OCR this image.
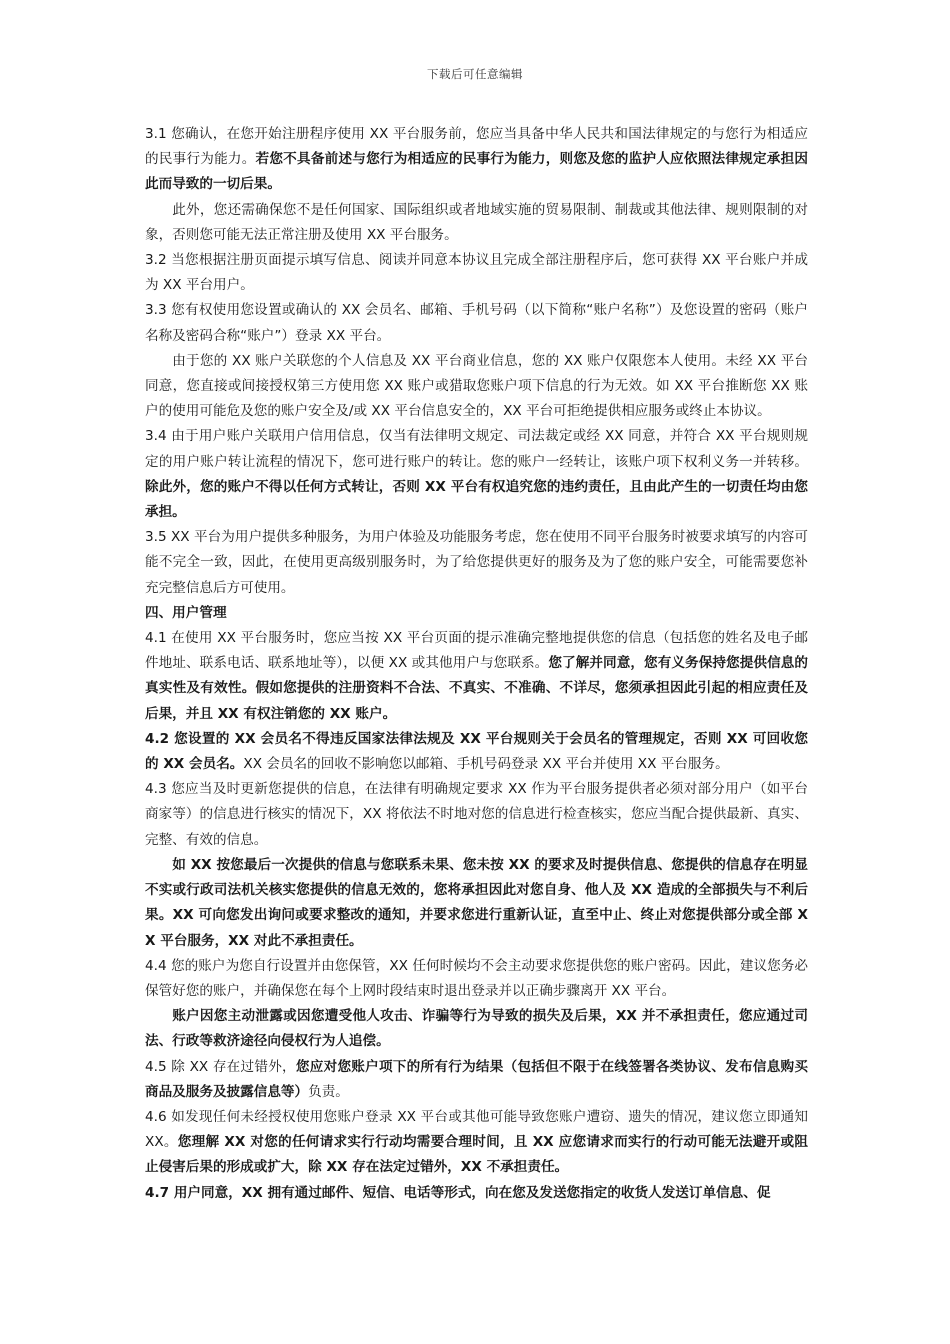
下载后可任意编辑

3.1 您确认，在您开始注册程序使用 XX 平台服务前，您应当具备中华人民共和国法律规定的与您行为相适应的民事行为能力。若您不具备前述与您行为相适应的民事行为能力，则您及您的监护人应依照法律规定承担因此而导致的一切后果。

此外，您还需确保您不是任何国家、国际组织或者地域实施的贸易限制、制裁或其他法律、规则限制的对象，否则您可能无法正常注册及使用 XX 平台服务。

3.2 当您根据注册页面提示填写信息、阅读并同意本协议且完成全部注册程序后，您可获得 XX 平台账户并成为 XX 平台用户。

3.3 您有权使用您设置或确认的 XX 会员名、邮箱、手机号码（以下简称“账户名称”）及您设置的密码（账户名称及密码合称“账户”）登录 XX 平台。

由于您的 XX 账户关联您的个人信息及 XX 平台商业信息，您的 XX 账户仅限您本人使用。未经 XX 平台同意，您直接或间接授权第三方使用您 XX 账户或猎取您账户项下信息的行为无效。如 XX 平台推断您 XX 账户的使用可能危及您的账户安全及/或 XX 平台信息安全的，XX 平台可拒绝提供相应服务或终止本协议。

3.4 由于用户账户关联用户信用信息，仅当有法律明文规定、司法裁定或经 XX 同意，并符合 XX 平台规则规定的用户账户转让流程的情况下，您可进行账户的转让。您的账户一经转让，该账户项下权利义务一并转移。除此外，您的账户不得以任何方式转让，否则 XX 平台有权追究您的违约责任，且由此产生的一切责任均由您承担。

3.5 XX 平台为用户提供多种服务，为用户体验及功能服务考虑，您在使用不同平台服务时被要求填写的内容可能不完全一致，因此，在使用更高级别服务时，为了给您提供更好的服务及为了您的账户安全，可能需要您补充完整信息后方可使用。

四、用户管理

4.1 在使用 XX 平台服务时，您应当按 XX 平台页面的提示准确完整地提供您的信息（包括您的姓名及电子邮件地址、联系电话、联系地址等），以便 XX 或其他用户与您联系。您了解并同意，您有义务保持您提供信息的真实性及有效性。假如您提供的注册资料不合法、不真实、不准确、不详尽，您须承担因此引起的相应责任及后果，并且 XX 有权注销您的 XX 账户。

4.2 您设置的 XX 会员名不得违反国家法律法规及 XX 平台规则关于会员名的管理规定，否则 XX 可回收您的 XX 会员名。XX 会员名的回收不影响您以邮箱、手机号码登录 XX 平台并使用 XX 平台服务。

4.3 您应当及时更新您提供的信息，在法律有明确规定要求 XX 作为平台服务提供者必须对部分用户（如平台商家等）的信息进行核实的情况下，XX 将依法不时地对您的信息进行检查核实，您应当配合提供最新、真实、完整、有效的信息。

如 XX 按您最后一次提供的信息与您联系未果、您未按 XX 的要求及时提供信息、您提供的信息存在明显不实或行政司法机关核实您提供的信息无效的，您将承担因此对您自身、他人及 XX 造成的全部损失与不利后果。XX 可向您发出询问或要求整改的通知，并要求您进行重新认证，直至中止、终止对您提供部分或全部 XX 平台服务，XX 对此不承担责任。

4.4 您的账户为您自行设置并由您保管，XX 任何时候均不会主动要求您提供您的账户密码。因此，建议您务必保管好您的账户，并确保您在每个上网时段结束时退出登录并以正确步骤离开 XX 平台。

账户因您主动泄露或因您遭受他人攻击、诈骗等行为导致的损失及后果，XX 并不承担责任，您应通过司法、行政等救济途径向侵权行为人追偿。

4.5 除 XX 存在过错外，您应对您账户项下的所有行为结果（包括但不限于在线签署各类协议、发布信息购买商品及服务及披露信息等）负责。

4.6 如发现任何未经授权使用您账户登录 XX 平台或其他可能导致您账户遭窃、遗失的情况，建议您立即通知 XX。您理解 XX 对您的任何请求实行行动均需要合理时间，且 XX 应您请求而实行的行动可能无法避开或阻止侵害后果的形成或扩大，除 XX 存在法定过错外，XX 不承担责任。

4.7 用户同意，XX 拥有通过邮件、短信、电话等形式，向在您及发送您指定的收货人发送订单信息、促
